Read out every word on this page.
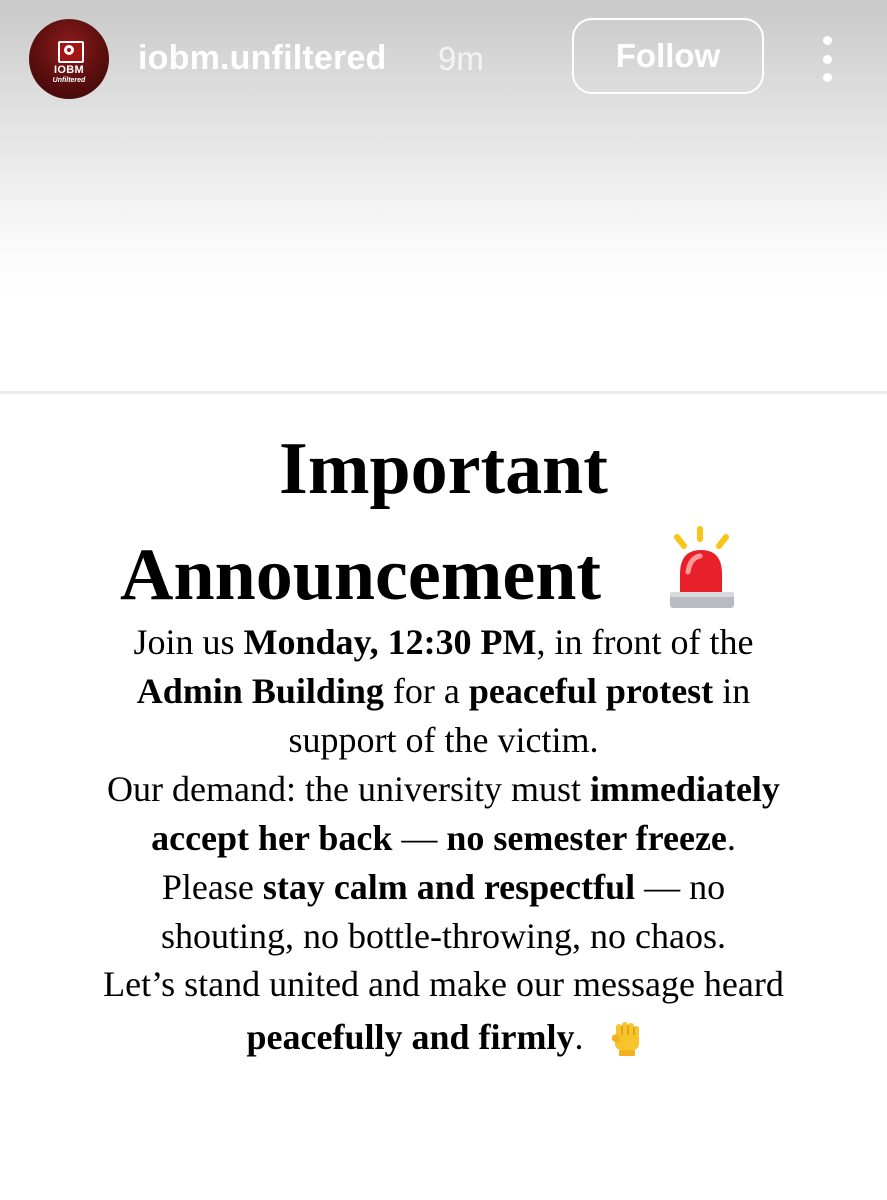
IOBM
Unfiltered
iobm.unfiltered 9m	Follow
Important
Announcement
Join us Monday, 12:30 PM, in front of the
Admin Building for a peaceful protest in
support of the victim.
Our demand: the university must immediately
accept her back — no semester freeze.
Please stay calm and respectful — no
shouting, no bottle-throwing, no chaos.
Let’s stand united and make our message heard
peacefully and firmly.
